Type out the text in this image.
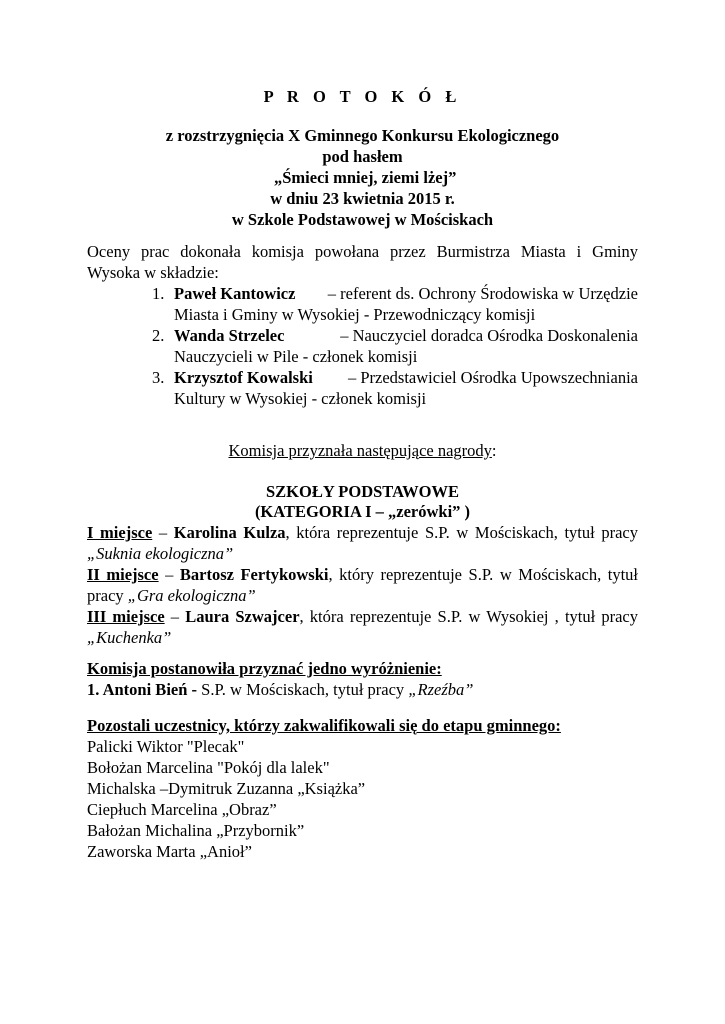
P R O T O K Ó Ł
z rozstrzygnięcia X Gminnego Konkursu Ekologicznego
pod hasłem
„Śmieci mniej, ziemi lżej”
w dniu 23 kwietnia 2015 r.
w Szkole Podstawowej w Mościskach
Oceny prac dokonała komisja powołana przez Burmistrza Miasta i Gminy
Wysoka w składzie:
1. Paweł Kantowicz – referent ds. Ochrony Środowiska w Urzędzie
Miasta i Gminy w Wysokiej - Przewodniczący komisji
2. Wanda Strzelec	– Nauczyciel doradca Ośrodka Doskonalenia
Nauczycieli w Pile - członek komisji
3. Krzysztof Kowalski – Przedstawiciel Ośrodka Upowszechniania
Kultury w Wysokiej - członek komisji
Komisja przyznała następujące nagrody:
SZKOŁY PODSTAWOWE
(KATEGORIA I – „zerówki” )
I miejsce – Karolina Kulza, która reprezentuje S.P. w Mościskach, tytuł pracy
„Suknia ekologiczna”
II miejsce – Bartosz Fertykowski, który reprezentuje S.P. w Mościskach, tytuł
pracy „Gra ekologiczna”
III miejsce – Laura Szwajcer, która reprezentuje S.P. w Wysokiej , tytuł pracy
„Kuchenka”
Komisja postanowiła przyznać jedno wyróżnienie:
1. Antoni Bień - S.P. w Mościskach, tytuł pracy „Rzeźba”
Pozostali uczestnicy, którzy zakwalifikowali się do etapu gminnego:
Palicki Wiktor "Plecak"
Bołożan Marcelina "Pokój dla lalek"
Michalska –Dymitruk Zuzanna „Książka”
Ciepłuch Marcelina „Obraz”
Bałożan Michalina „Przybornik”
Zaworska Marta „Anioł”
